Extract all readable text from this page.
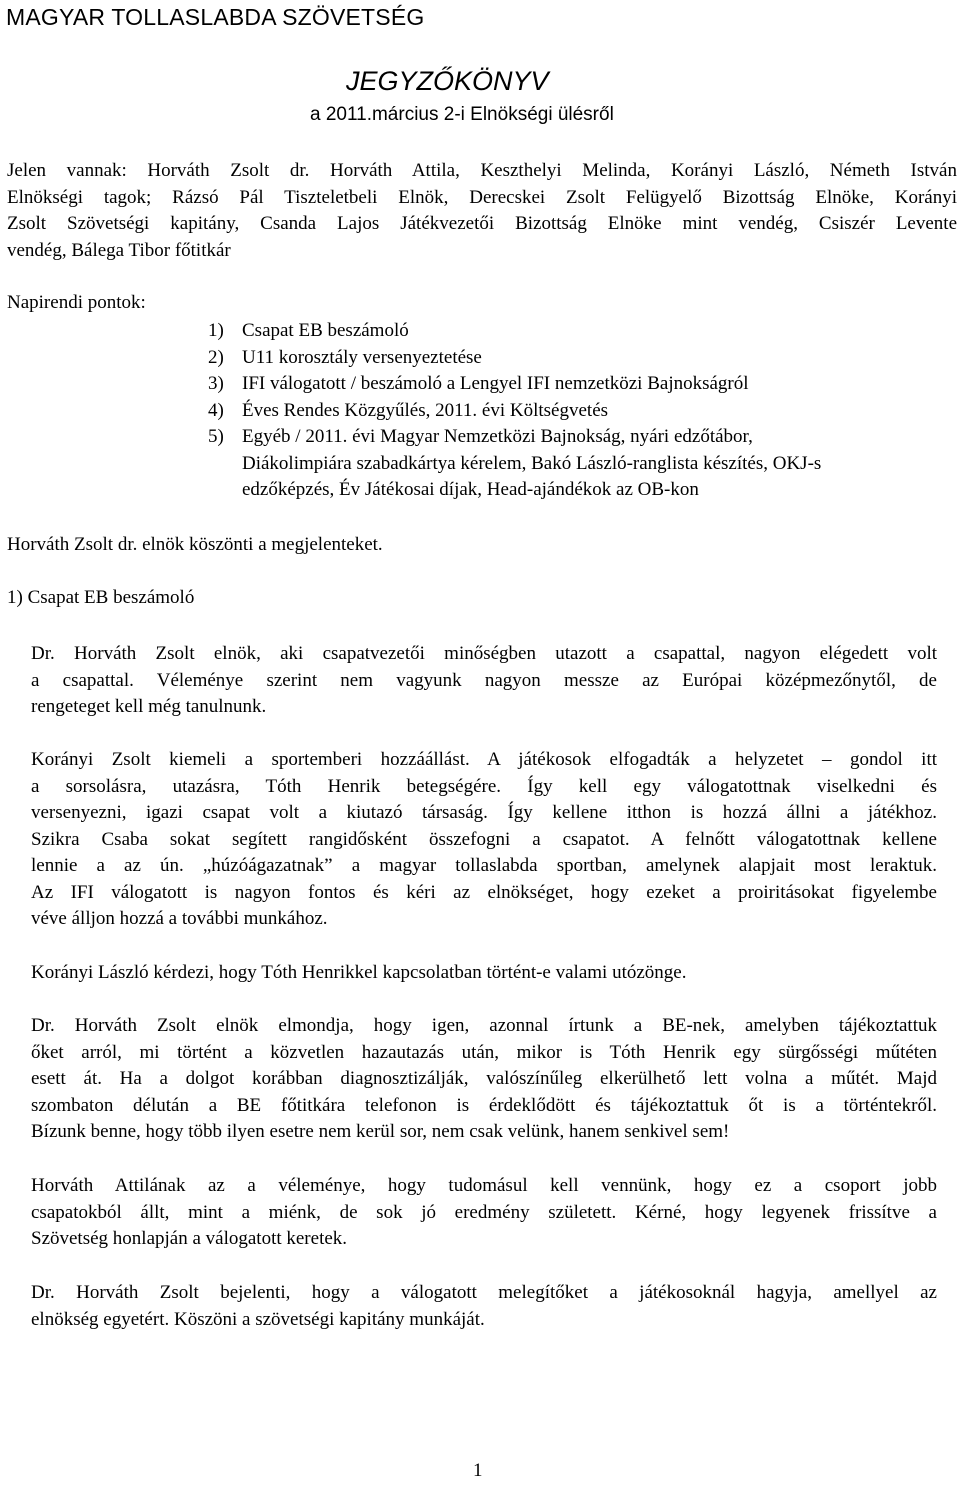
MAGYAR TOLLASLABDA SZÖVETSÉG
JEGYZŐKÖNYV
a 2011.március 2-i Elnökségi ülésről
Jelen vannak: Horváth Zsolt dr. Horváth Attila, Keszthelyi Melinda, Korányi László, Németh István
Elnökségi tagok; Rázsó Pál Tiszteletbeli Elnök, Derecskei Zsolt Felügyelő Bizottság Elnöke, Korányi
Zsolt Szövetségi kapitány, Csanda Lajos Játékvezetői Bizottság Elnöke mint vendég, Csiszér Levente
vendég, Bálega Tibor főtitkár
Napirendi pontok:
1) Csapat EB beszámoló
2) U11 korosztály versenyeztetése
3) IFI válogatott / beszámoló a Lengyel IFI nemzetközi Bajnokságról
4) Éves Rendes Közgyűlés, 2011. évi Költségvetés
5) Egyéb / 2011. évi Magyar Nemzetközi Bajnokság, nyári edzőtábor,
Diákolimpiára szabadkártya kérelem, Bakó László-ranglista készítés, OKJ-s
edzőképzés, Év Játékosai díjak, Head-ajándékok az OB-kon
Horváth Zsolt dr. elnök köszönti a megjelenteket.
1) Csapat EB beszámoló
Dr. Horváth Zsolt elnök, aki csapatvezetői minőségben utazott a csapattal, nagyon elégedett volt
a csapattal. Véleménye szerint nem vagyunk nagyon messze az Európai középmezőnytől, de
rengeteget kell még tanulnunk.
Korányi Zsolt kiemeli a sportemberi hozzáállást. A játékosok elfogadták a helyzetet – gondol itt
a sorsolásra, utazásra, Tóth Henrik betegségére. Így kell egy válogatottnak viselkedni és
versenyezni, igazi csapat volt a kiutazó társaság. Így kellene itthon is hozzá állni a játékhoz.
Szikra Csaba sokat segített rangidősként összefogni a csapatot. A felnőtt válogatottnak kellene
lennie a az ún. „húzóágazatnak” a magyar tollaslabda sportban, amelynek alapjait most leraktuk.
Az IFI válogatott is nagyon fontos és kéri az elnökséget, hogy ezeket a proiritásokat figyelembe
véve álljon hozzá a további munkához.
Korányi László kérdezi, hogy Tóth Henrikkel kapcsolatban történt-e valami utózönge.
Dr. Horváth Zsolt elnök elmondja, hogy igen, azonnal írtunk a BE-nek, amelyben tájékoztattuk
őket arról, mi történt a közvetlen hazautazás után, mikor is Tóth Henrik egy sürgősségi műtéten
esett át. Ha a dolgot korábban diagnosztizálják, valószínűleg elkerülhető lett volna a műtét. Majd
szombaton délután a BE főtitkára telefonon is érdeklődött és tájékoztattuk őt is a történtekről.
Bízunk benne, hogy több ilyen esetre nem kerül sor, nem csak velünk, hanem senkivel sem!
Horváth Attilának az a véleménye, hogy tudomásul kell vennünk, hogy ez a csoport jobb
csapatokból állt, mint a miénk, de sok jó eredmény született. Kérné, hogy legyenek frissítve a
Szövetség honlapján a válogatott keretek.
Dr. Horváth Zsolt bejelenti, hogy a válogatott melegítőket a játékosoknál hagyja, amellyel az
elnökség egyetért. Köszöni a szövetségi kapitány munkáját.
1
